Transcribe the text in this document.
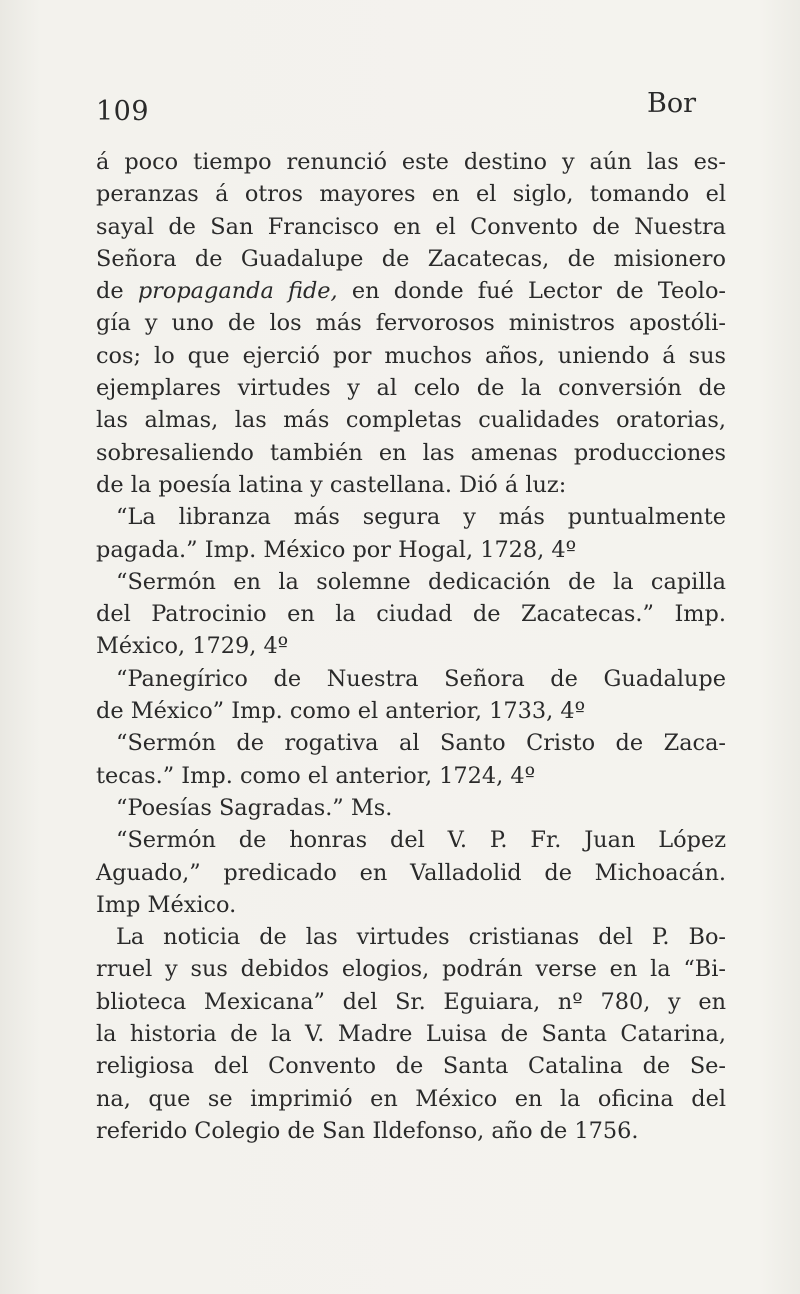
109	Bor
á poco tiempo renunció este destino y aún las es-
peranzas á otros mayores en el siglo, tomando el
sayal de San Francisco en el Convento de Nuestra
Señora de Guadalupe de Zacatecas, de misionero
de propaganda fide, en donde fué Lector de Teolo-
gía y uno de los más fervorosos ministros apostóli-
cos; lo que ejerció por muchos años, uniendo á sus
ejemplares virtudes y al celo de la conversión de
las almas, las más completas cualidades oratorias,
sobresaliendo también en las amenas producciones
de la poesía latina y castellana. Dió á luz:
“La libranza más segura y más puntualmente
pagada.” Imp. México por Hogal, 1728, 4º
“Sermón en la solemne dedicación de la capilla
del Patrocinio en la ciudad de Zacatecas.” Imp.
México, 1729, 4º
“Panegírico de Nuestra Señora de Guadalupe
de México” Imp. como el anterior, 1733, 4º
“Sermón de rogativa al Santo Cristo de Zaca-
tecas.” Imp. como el anterior, 1724, 4º
“Poesías Sagradas.” Ms.
“Sermón de honras del V. P. Fr. Juan López
Aguado,” predicado en Valladolid de Michoacán.
Imp México.
La noticia de las virtudes cristianas del P. Bo-
rruel y sus debidos elogios, podrán verse en la “Bi-
blioteca Mexicana” del Sr. Eguiara, nº 780, y en
la historia de la V. Madre Luisa de Santa Catarina,
religiosa del Convento de Santa Catalina de Se-
na, que se imprimió en México en la oficina del
referido Colegio de San Ildefonso, año de 1756.
